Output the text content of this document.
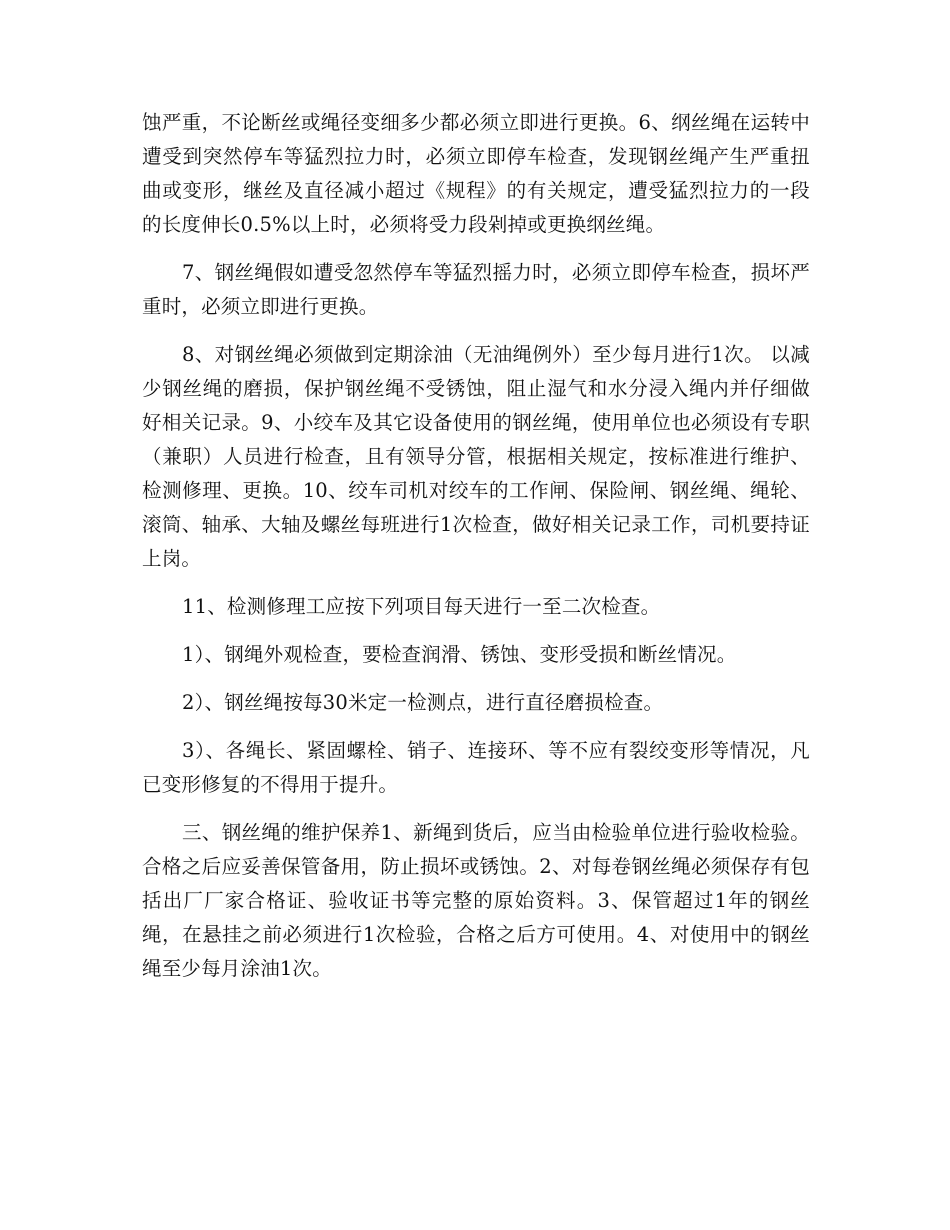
蚀严重，不论断丝或绳径变细多少都必须立即进行更换。6、纲丝绳在运转中遭受到突然停车等猛烈拉力时，必须立即停车检查，发现钢丝绳产生严重扭曲或变形，继丝及直径减小超过《规程》的有关规定，遭受猛烈拉力的一段的长度伸长0.5%以上时，必须将受力段剁掉或更换纲丝绳。

7、钢丝绳假如遭受忽然停车等猛烈摇力时，必须立即停车检查，损坏严重时，必须立即进行更换。

8、对钢丝绳必须做到定期涂油（无油绳例外）至少每月进行1次。 以减少钢丝绳的磨损，保护钢丝绳不受锈蚀，阻止湿气和水分浸入绳内并仔细做好相关记录。9、小绞车及其它设备使用的钢丝绳，使用单位也必须设有专职（兼职）人员进行检查，且有领导分管，根据相关规定，按标准进行维护、检测修理、更换。10、绞车司机对绞车的工作闸、保险闸、钢丝绳、绳轮、滚筒、轴承、大轴及螺丝每班进行1次检查，做好相关记录工作，司机要持证上岗。

11、检测修理工应按下列项目每天进行一至二次检查。

1）、钢绳外观检查，要检查润滑、锈蚀、变形受损和断丝情况。

2）、钢丝绳按每30米定一检测点，进行直径磨损检查。

3）、各绳长、紧固螺栓、销子、连接环、等不应有裂绞变形等情况，凡已变形修复的不得用于提升。

三、钢丝绳的维护保养1、新绳到货后，应当由检验单位进行验收检验。合格之后应妥善保管备用，防止损坏或锈蚀。2、对每卷钢丝绳必须保存有包括出厂厂家合格证、验收证书等完整的原始资料。3、保管超过1年的钢丝绳，在悬挂之前必须进行1次检验，合格之后方可使用。4、对使用中的钢丝绳至少每月涂油1次。
